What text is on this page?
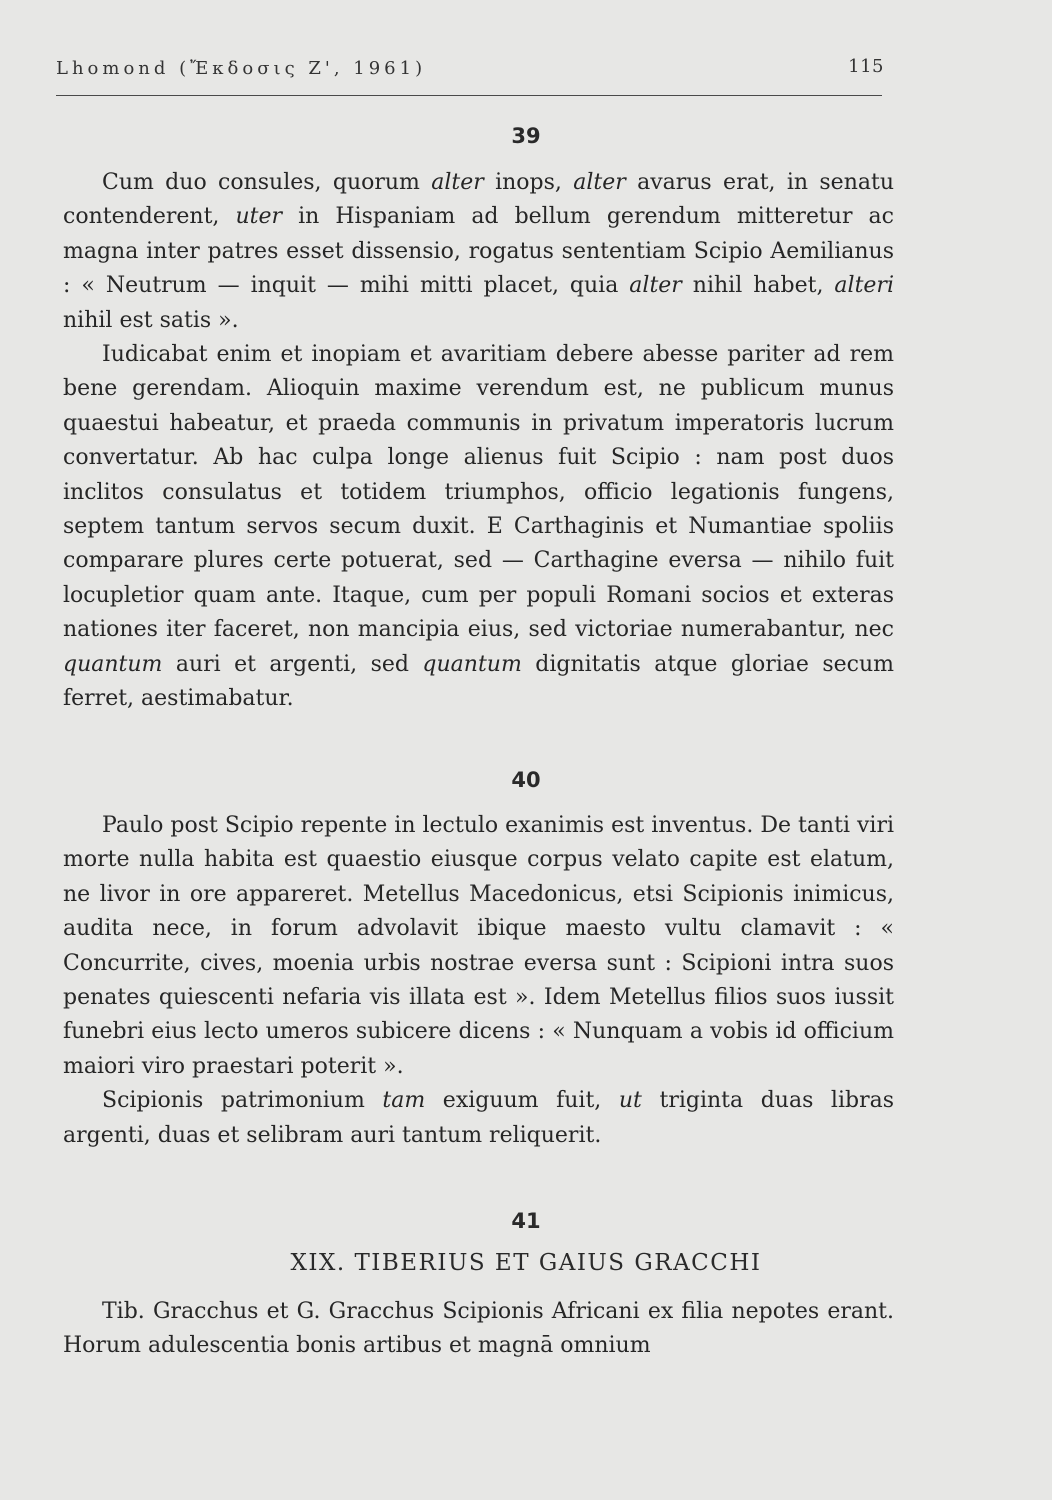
Lhomond (Ἔκδοσις Ζ', 1961)	115
39

Cum duo consules, quorum alter inops, alter avarus erat, in senatu contenderent, uter in Hispaniam ad bellum gerendum mitteretur ac magna inter patres esset dissensio, rogatus sententiam Scipio Aemilianus : « Neutrum — inquit — mihi mitti placet, quia alter nihil habet, alteri nihil est satis ».

Iudicabat enim et inopiam et avaritiam debere abesse pariter ad rem bene gerendam. Alioquin maxime verendum est, ne publicum munus quaestui habeatur, et praeda communis in privatum imperatoris lucrum convertatur. Ab hac culpa longe alienus fuit Scipio : nam post duos inclitos consulatus et totidem triumphos, officio legationis fungens, septem tantum servos secum duxit. E Carthaginis et Numantiae spoliis comparare plures certe potuerat, sed — Carthagine eversa — nihilo fuit locupletior quam ante. Itaque, cum per populi Romani socios et exteras nationes iter faceret, non mancipia eius, sed victoriae numerabantur, nec quantum auri et argenti, sed quantum dignitatis atque gloriae secum ferret, aestimabatur.

40

Paulo post Scipio repente in lectulo exanimis est inventus. De tanti viri morte nulla habita est quaestio eiusque corpus velato capite est elatum, ne livor in ore appareret. Metellus Macedonicus, etsi Scipionis inimicus, audita nece, in forum advolavit ibique maesto vultu clamavit : « Concurrite, cives, moenia urbis nostrae eversa sunt : Scipioni intra suos penates quiescenti nefaria vis illata est ». Idem Metellus filios suos iussit funebri eius lecto umeros subicere dicens : « Nunquam a vobis id officium maiori viro praestari poterit ».

Scipionis patrimonium tam exiguum fuit, ut triginta duas libras argenti, duas et selibram auri tantum reliquerit.

41
XIX. TIBERIUS ET GAIUS GRACCHI

Tib. Gracchus et G. Gracchus Scipionis Africani ex filia nepotes erant. Horum adulescentia bonis artibus et magnā omnium
